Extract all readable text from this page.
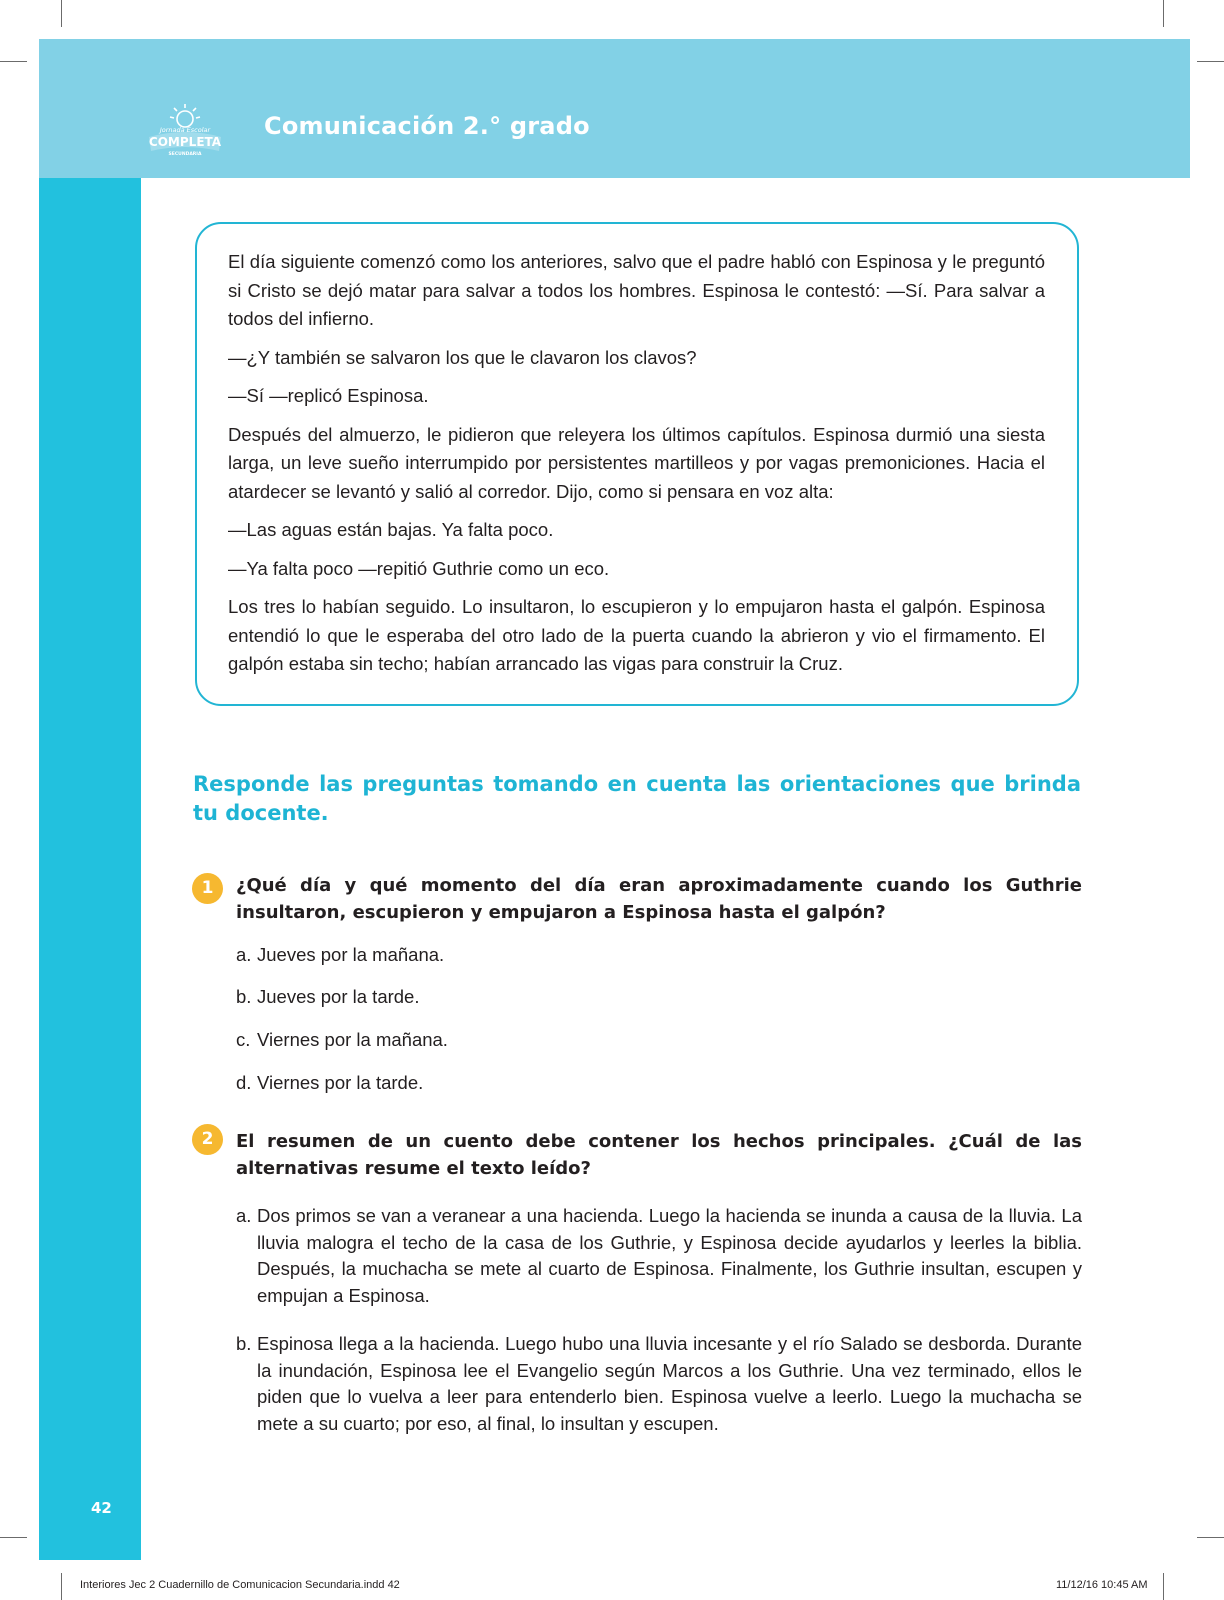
Jornada Escolar
COMPLETA
SECUNDARIA
Comunicación 2.° grado

El día siguiente comenzó como los anteriores, salvo que el padre habló con Espinosa y le preguntó si Cristo se dejó matar para salvar a todos los hombres. Espinosa le contestó: —Sí. Para salvar a todos del infierno.

—¿Y también se salvaron los que le clavaron los clavos?

—Sí —replicó Espinosa.

Después del almuerzo, le pidieron que releyera los últimos capítulos. Espinosa durmió una siesta larga, un leve sueño interrumpido por persistentes martilleos y por vagas premoniciones. Hacia el atardecer se levantó y salió al corredor. Dijo, como si pensara en voz alta:

—Las aguas están bajas. Ya falta poco.

—Ya falta poco —repitió Guthrie como un eco.

Los tres lo habían seguido. Lo insultaron, lo escupieron y lo empujaron hasta el galpón. Espinosa entendió lo que le esperaba del otro lado de la puerta cuando la abrieron y vio el firmamento. El galpón estaba sin techo; habían arrancado las vigas para construir la Cruz.

Responde las preguntas tomando en cuenta las orientaciones que brinda tu docente.
1	¿Qué día y qué momento del día eran aproximadamente cuando los Guthrie insultaron, escupieron y empujaron a Espinosa hasta el galpón?
a. Jueves por la mañana.
b. Jueves por la tarde.
c. Viernes por la mañana.
d. Viernes por la tarde.
2	El resumen de un cuento debe contener los hechos principales. ¿Cuál de las alternativas resume el texto leído?
a. Dos primos se van a veranear a una hacienda. Luego la hacienda se inunda a causa de la lluvia. La lluvia malogra el techo de la casa de los Guthrie, y Espinosa decide ayudarlos y leerles la biblia. Después, la muchacha se mete al cuarto de Espinosa. Finalmente, los Guthrie insultan, escupen y empujan a Espinosa.
b. Espinosa llega a la hacienda. Luego hubo una lluvia incesante y el río Salado se desborda. Durante la inundación, Espinosa lee el Evangelio según Marcos a los Guthrie. Una vez terminado, ellos le piden que lo vuelva a leer para entenderlo bien. Espinosa vuelve a leerlo. Luego la muchacha se mete a su cuarto; por eso, al final, lo insultan y escupen.
42
Interiores Jec 2 Cuadernillo de Comunicacion Secundaria.indd 42	11/12/16 10:45 AM
